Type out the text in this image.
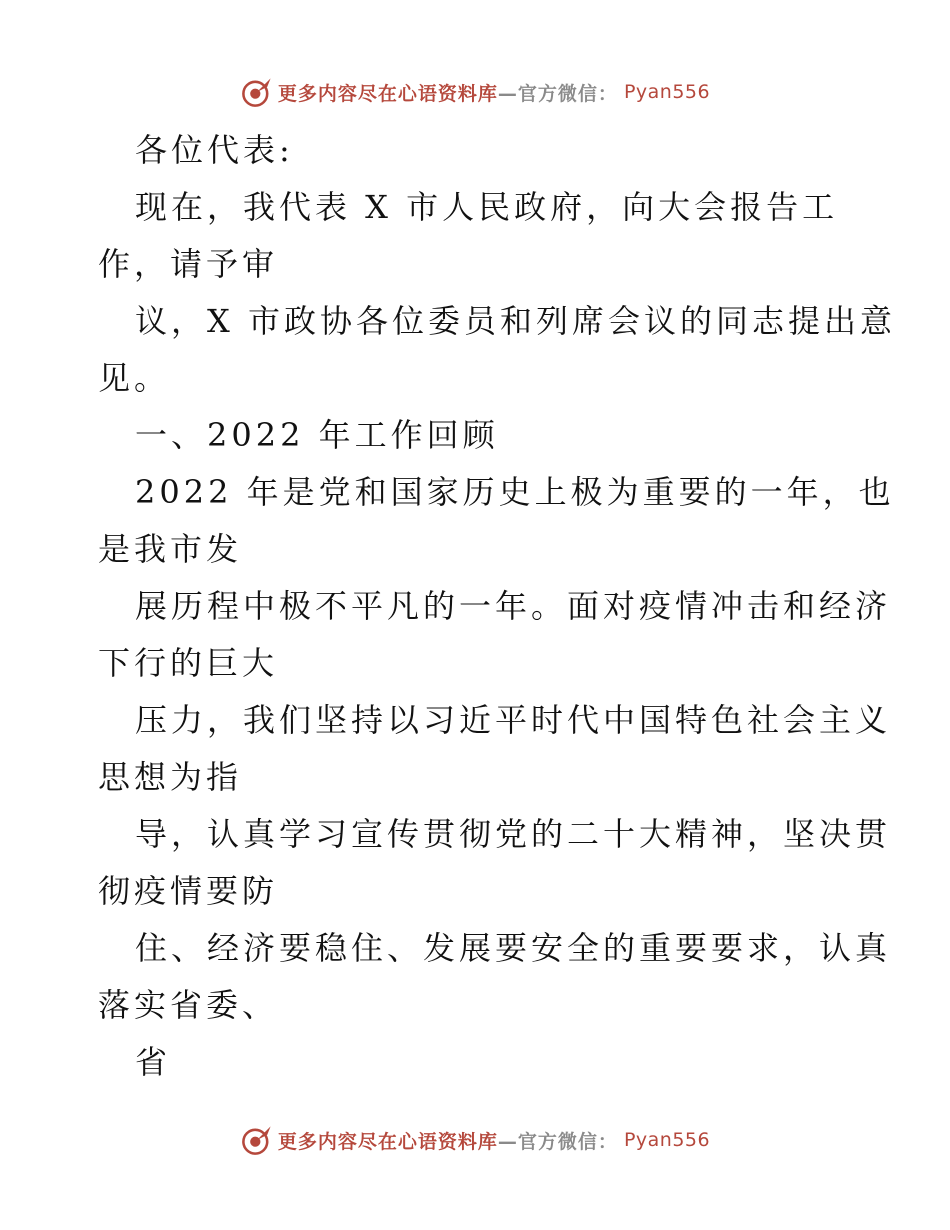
更多内容尽在心语资料库 —官方微信： Pyan556
各位代表:
现在，我代表 X 市人民政府，向大会报告工
作，请予审
议，X 市政协各位委员和列席会议的同志提出意
见。
一、2022 年工作回顾
2022 年是党和国家历史上极为重要的一年，也
是我市发
展历程中极不平凡的一年。面对疫情冲击和经济
下行的巨大
压力，我们坚持以习近平时代中国特色社会主义
思想为指
导，认真学习宣传贯彻党的二十大精神，坚决贯
彻疫情要防
住、经济要稳住、发展要安全的重要要求，认真
落实省委、
省
更多内容尽在心语资料库 —官方微信： Pyan556
